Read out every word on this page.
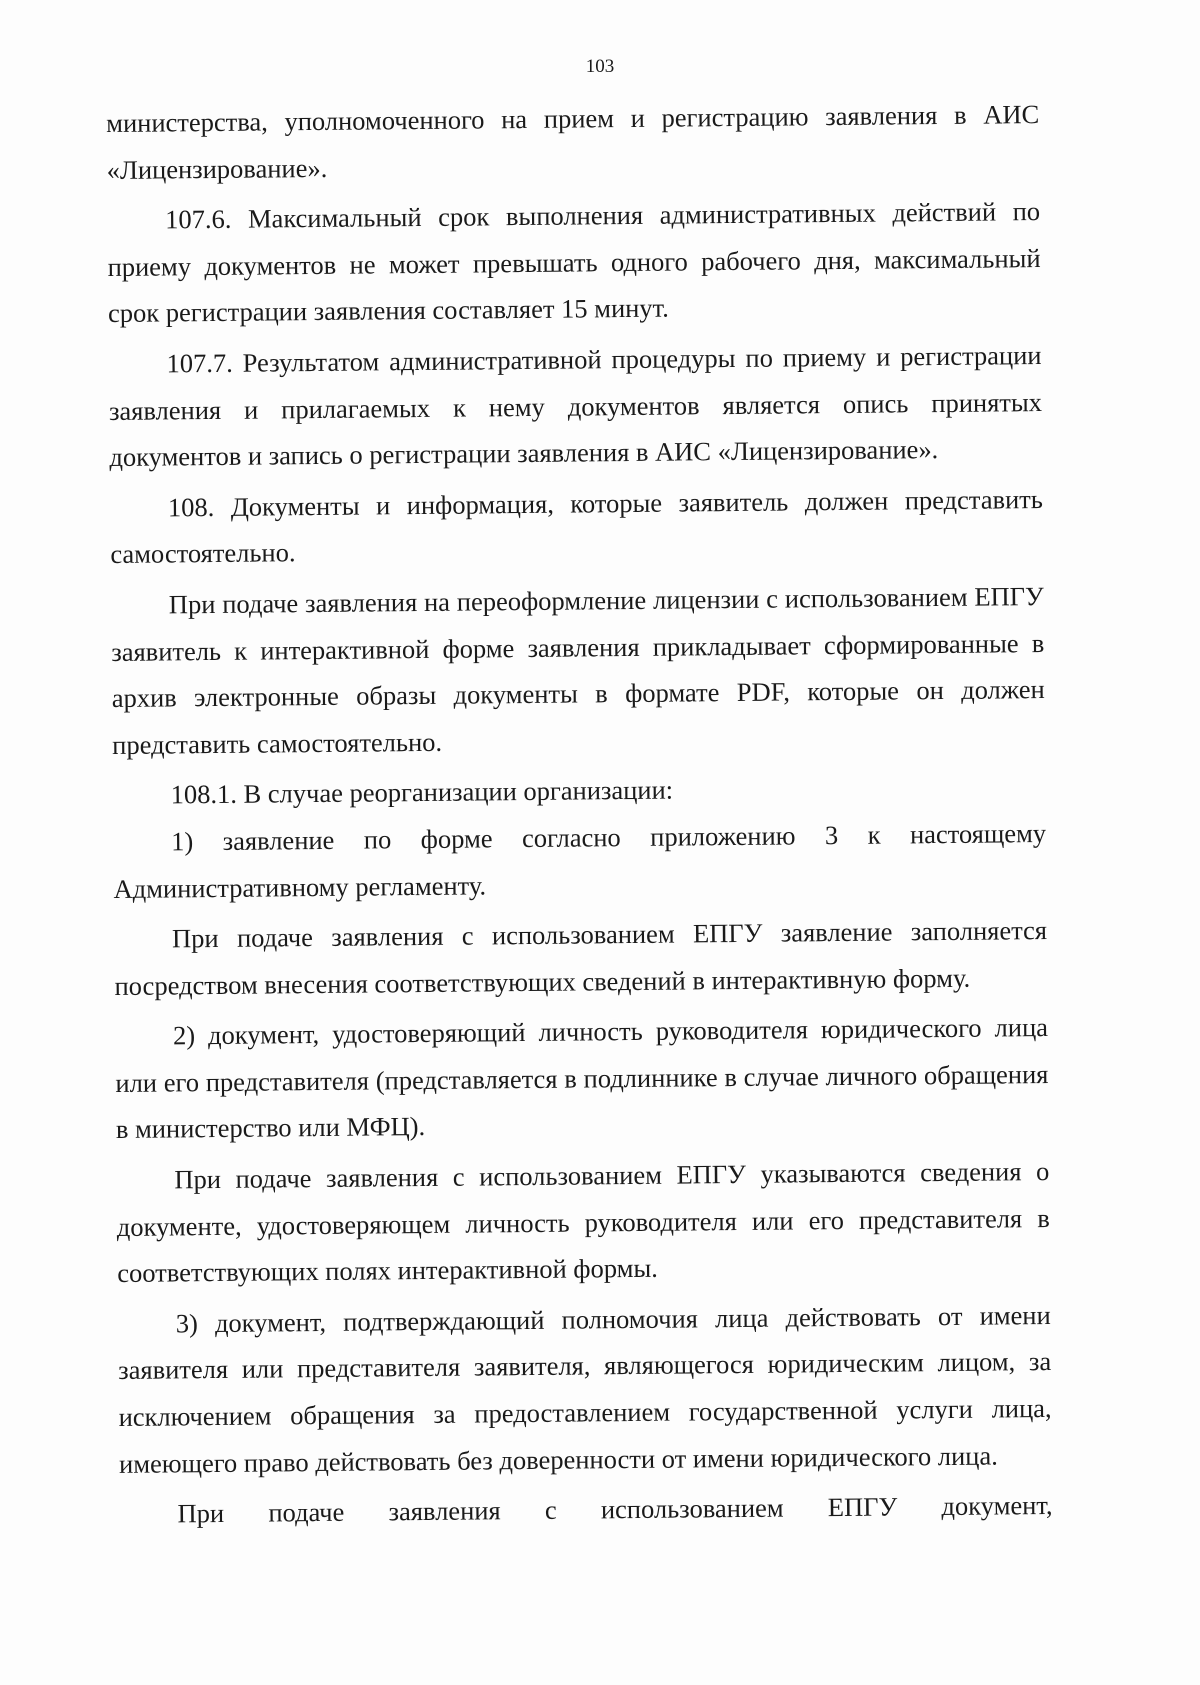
103

министерства, уполномоченного на прием и регистрацию заявления в АИС «Лицензирование».

107.6. Максимальный срок выполнения административных действий по приему документов не может превышать одного рабочего дня, максимальный срок регистрации заявления составляет 15 минут.

107.7. Результатом административной процедуры по приему и регистрации заявления и прилагаемых к нему документов является опись принятых документов и запись о регистрации заявления в АИС «Лицензирование».

108. Документы и информация, которые заявитель должен представить самостоятельно.

При подаче заявления на переоформление лицензии с использованием ЕПГУ заявитель к интерактивной форме заявления прикладывает сформированные в архив электронные образы документы в формате PDF, которые он должен представить самостоятельно.

108.1. В случае реорганизации организации:

1) заявление по форме согласно приложению 3 к настоящему Административному регламенту.

При подаче заявления с использованием ЕПГУ заявление заполняется посредством внесения соответствующих сведений в интерактивную форму.

2) документ, удостоверяющий личность руководителя юридического лица или его представителя (представляется в подлиннике в случае личного обращения в министерство или МФЦ).

При подаче заявления с использованием ЕПГУ указываются сведения о документе, удостоверяющем личность руководителя или его представителя в соответствующих полях интерактивной формы.

3) документ, подтверждающий полномочия лица действовать от имени заявителя или представителя заявителя, являющегося юридическим лицом, за исключением обращения за предоставлением государственной услуги лица, имеющего право действовать без доверенности от имени юридического лица.

При подаче заявления с использованием ЕПГУ документ,
